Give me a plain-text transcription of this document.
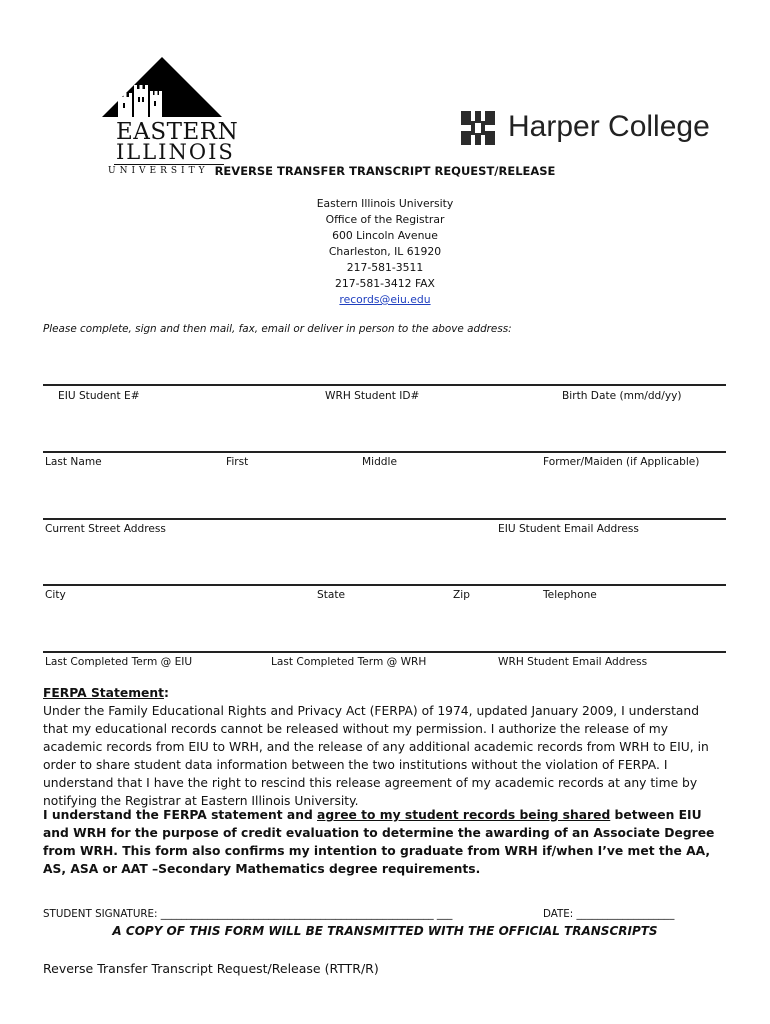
EASTERN
ILLINOIS
UNIVERSITY
Harper College
REVERSE TRANSFER TRANSCRIPT REQUEST/RELEASE
Eastern Illinois University
Office of the Registrar
600 Lincoln Avenue
Charleston, IL 61920
217-581-3511
217-581-3412 FAX
records@eiu.edu
Please complete, sign and then mail, fax, email or deliver in person to the above address:
EIU Student E#	WRH Student ID#	Birth Date (mm/dd/yy)
Last Name	First	Middle	Former/Maiden (if Applicable)
Current Street Address	EIU Student Email Address
City	State	Zip	Telephone
Last Completed Term @ EIU	Last Completed Term @ WRH	WRH Student Email Address
FERPA Statement:
Under the Family Educational Rights and Privacy Act (FERPA) of 1974, updated January 2009, I understand that my educational records cannot be released without my permission. I authorize the release of my academic records from EIU to WRH, and the release of any additional academic records from WRH to EIU, in order to share student data information between the two institutions without the violation of FERPA. I understand that I have the right to rescind this release agreement of my academic records at any time by notifying the Registrar at Eastern Illinois University.
I understand the FERPA statement and agree to my student records being shared between EIU and WRH for the purpose of credit evaluation to determine the awarding of an Associate Degree from WRH. This form also confirms my intention to graduate from WRH if/when I’ve met the AA, AS, ASA or AAT –Secondary Mathematics degree requirements.
STUDENT SIGNATURE: _____________________________________________________ ___	DATE: ___________________
A COPY OF THIS FORM WILL BE TRANSMITTED WITH THE OFFICIAL TRANSCRIPTS
Reverse Transfer Transcript Request/Release (RTTR/R)
